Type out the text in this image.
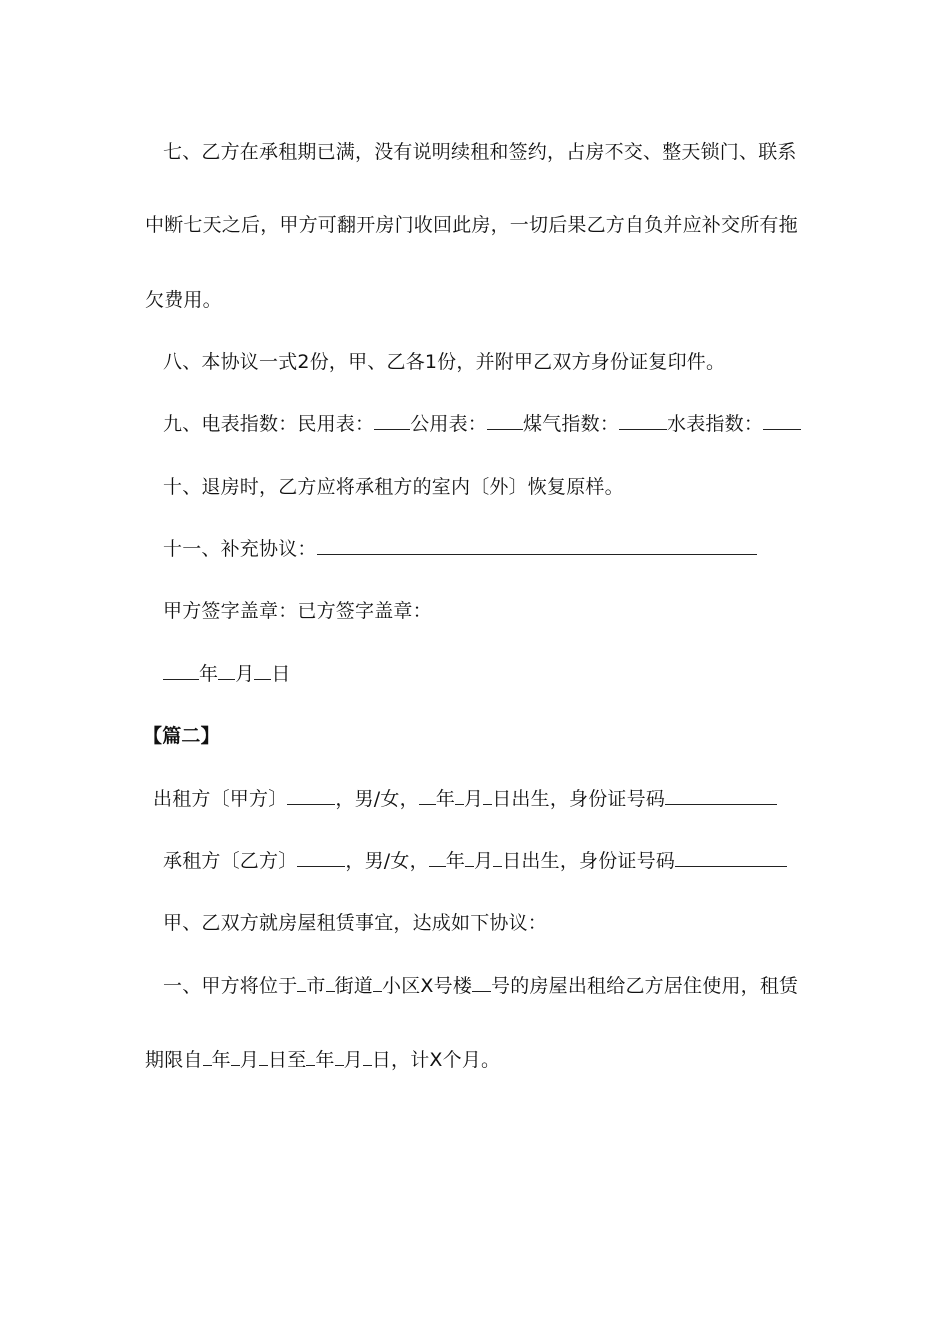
七、乙方在承租期已满，没有说明续租和签约，占房不交、整天锁门、联系
中断七天之后，甲方可翻开房门收回此房，一切后果乙方自负并应补交所有拖
欠费用。
八、本协议一式2份，甲、乙各1份，并附甲乙双方身份证复印件。
九、电表指数：民用表： 公用表： 煤气指数：	水表指数：
十、退房时，乙方应将承租方的室内〔外〕恢复原样。
十一、补充协议：
甲方签字盖章：已方签字盖章：
年 月 日
【篇二】
出租方〔甲方〕	，男/女， 年 月 日出生，身份证号码
承租方〔乙方〕	，男/女， 年 月 日出生，身份证号码
甲、乙双方就房屋租赁事宜，达成如下协议：
一、甲方将位于 市 街道 小区X号楼 号的房屋出租给乙方居住使用，租赁
期限自 年 月 日至 年 月 日，计X个月。
